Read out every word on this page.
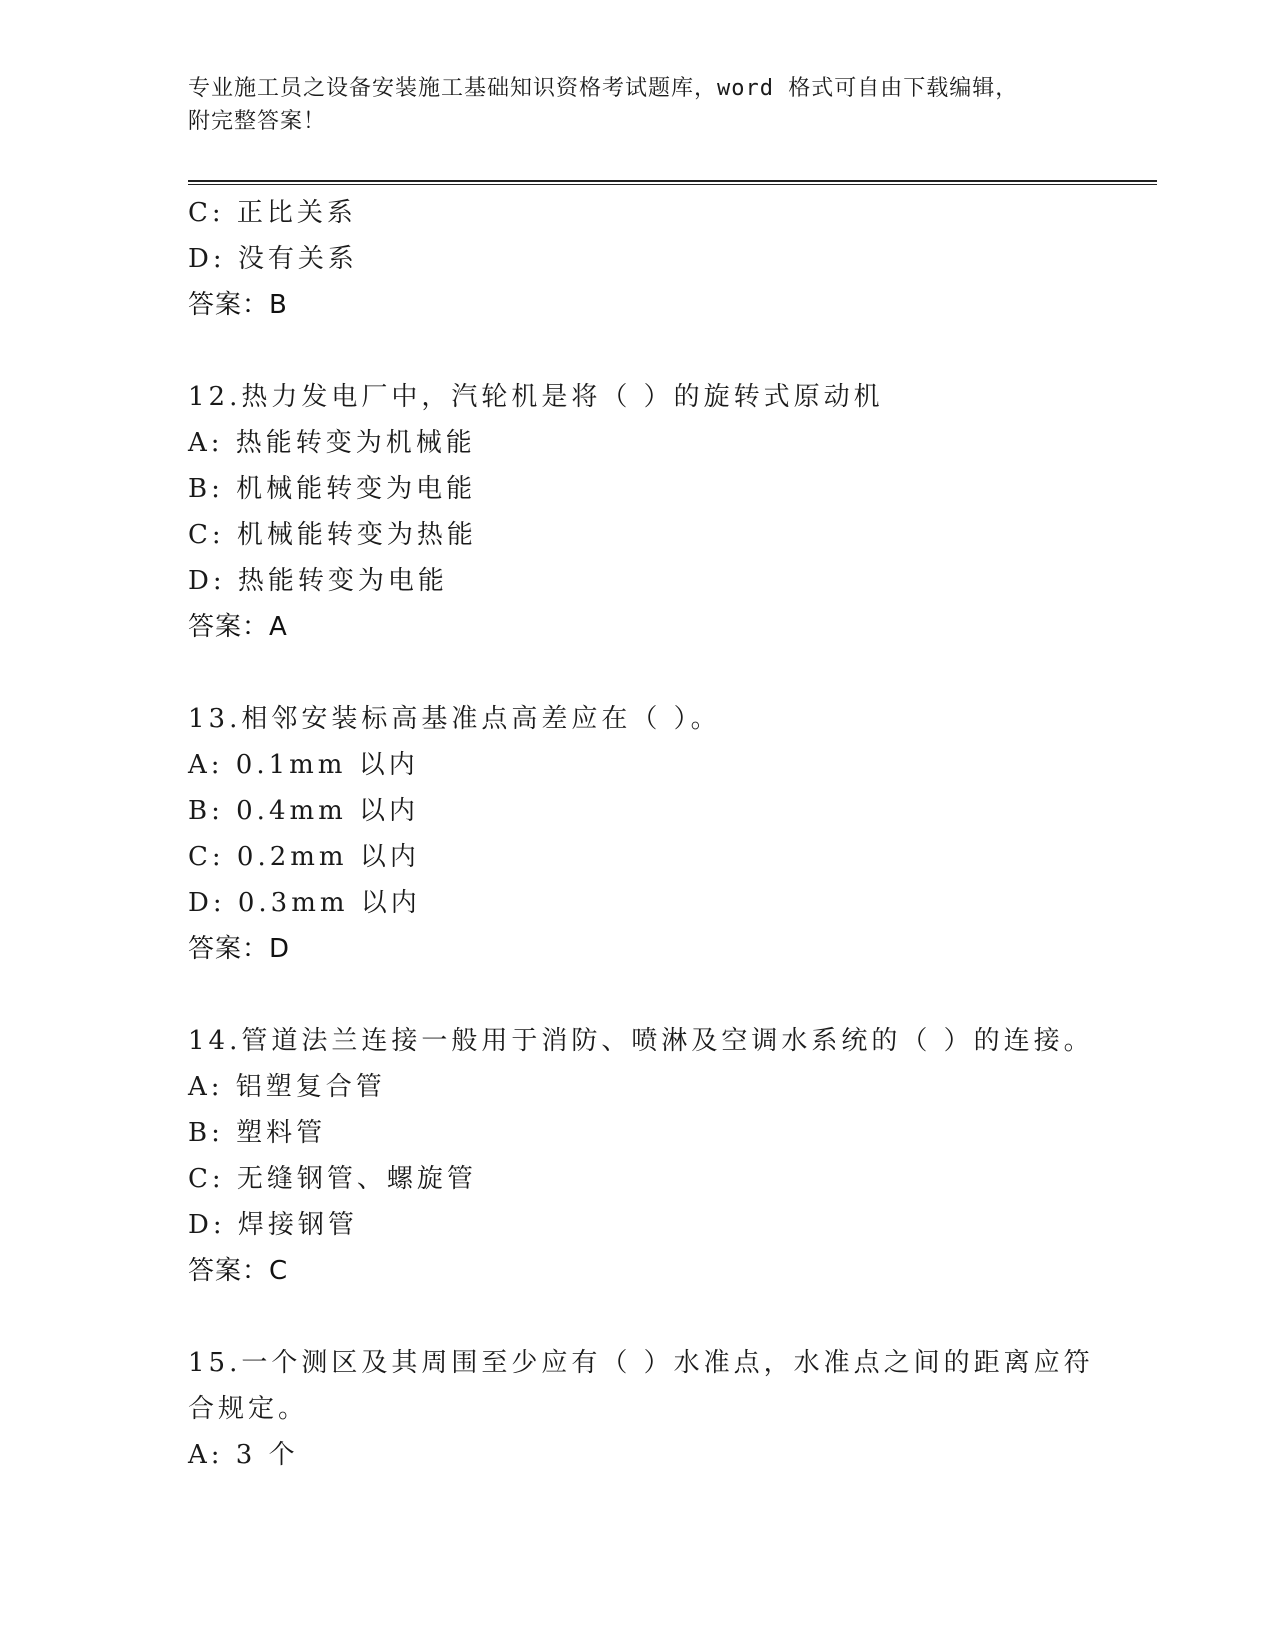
专业施工员之设备安装施工基础知识资格考试题库，word 格式可自由下载编辑，
附完整答案！
C: 正比关系
D: 没有关系
答案：B
12.热力发电厂中，汽轮机是将（ ）的旋转式原动机
A: 热能转变为机械能
B: 机械能转变为电能
C: 机械能转变为热能
D: 热能转变为电能
答案：A
13.相邻安装标高基准点高差应在（ ）。
A: 0.1mm 以内
B: 0.4mm 以内
C: 0.2mm 以内
D: 0.3mm 以内
答案：D
14.管道法兰连接一般用于消防、喷淋及空调水系统的（ ）的连接。
A: 铝塑复合管
B: 塑料管
C: 无缝钢管、螺旋管
D: 焊接钢管
答案：C
15.一个测区及其周围至少应有（ ）水准点，水准点之间的距离应符
合规定。
A: 3 个
